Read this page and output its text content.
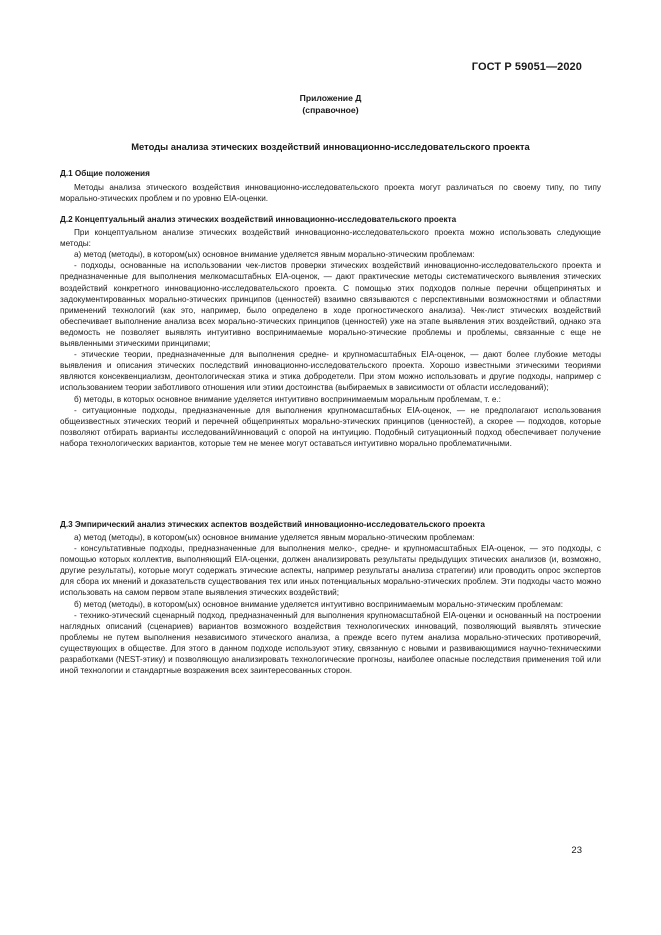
ГОСТ Р 59051—2020
Приложение Д
(справочное)
Методы анализа этических воздействий инновационно-исследовательского проекта
Д.1 Общие положения

Методы анализа этического воздействия инновационно-исследовательского проекта могут различаться по своему типу, по типу морально-этических проблем и по уровню EIA-оценки.

Д.2 Концептуальный анализ этических воздействий инновационно-исследовательского проекта

При концептуальном анализе этических воздействий инновационно-исследовательского проекта можно использовать следующие методы:

а) метод (методы), в котором(ых) основное внимание уделяется явным морально-этическим проблемам:

- подходы, основанные на использовании чек-листов проверки этических воздействий инновационно-исследовательского проекта и предназначенные для выполнения мелкомасштабных EIA-оценок, — дают практические методы систематического выявления этических воздействий конкретного инновационно-исследовательского проекта. С помощью этих подходов полные перечни общепринятых и задокументированных морально-этических принципов (ценностей) взаимно связываются с перспективными возможностями и областями применений технологий (как это, например, было определено в ходе прогностического анализа). Чек-лист этических воздействий обеспечивает выполнение анализа всех морально-этических принципов (ценностей) уже на этапе выявления этих воздействий, однако эта ведомость не позволяет выявлять интуитивно воспринимаемые морально-этические проблемы и проблемы, связанные с еще не выявленными этическими принципами;

- этические теории, предназначенные для выполнения средне- и крупномасштабных EIA-оценок, — дают более глубокие методы выявления и описания этических последствий инновационно-исследовательского проекта. Хорошо известными этическими теориями являются консеквенциализм, деонтологическая этика и этика добродетели. При этом можно использовать и другие подходы, например с использованием теории заботливого отношения или этики достоинства (выбираемых в зависимости от области исследований);

б) методы, в которых основное внимание уделяется интуитивно воспринимаемым моральным проблемам, т. е.:

- ситуационные подходы, предназначенные для выполнения крупномасштабных EIA-оценок, — не предполагают использования общеизвестных этических теорий и перечней общепринятых морально-этических принципов (ценностей), а скорее — подходов, которые позволяют отбирать варианты исследований/инноваций с опорой на интуицию. Подобный ситуационный подход обеспечивает получение набора технологических вариантов, которые тем не менее могут оставаться интуитивно морально проблематичными.

Д.3 Эмпирический анализ этических аспектов воздействий инновационно-исследовательского проекта

а) метод (методы), в котором(ых) основное внимание уделяется явным морально-этическим проблемам:

- консультативные подходы, предназначенные для выполнения мелко-, средне- и крупномасштабных EIA-оценок, — это подходы, с помощью которых коллектив, выполняющий EIA-оценки, должен анализировать результаты предыдущих этических анализов (и, возможно, другие результаты), которые могут содержать этические аспекты, например результаты анализа стратегии) или проводить опрос экспертов для сбора их мнений и доказательств существования тех или иных потенциальных морально-этических проблем. Эти подходы часто можно использовать на самом первом этапе выявления этических воздействий;

б) метод (методы), в котором(ых) основное внимание уделяется интуитивно воспринимаемым морально-этическим проблемам:

- технико-этический сценарный подход, предназначенный для выполнения крупномасштабной EIA-оценки и основанный на построении наглядных описаний (сценариев) вариантов возможного воздействия технологических инноваций, позволяющий выявлять этические проблемы не путем выполнения независимого этического анализа, а прежде всего путем анализа морально-этических противоречий, существующих в обществе. Для этого в данном подходе используют этику, связанную с новыми и развивающимися научно-техническими разработками (NEST-этику) и позволяющую анализировать технологические прогнозы, наиболее опасные последствия применения той или иной технологии и стандартные возражения всех заинтересованных сторон.

23
